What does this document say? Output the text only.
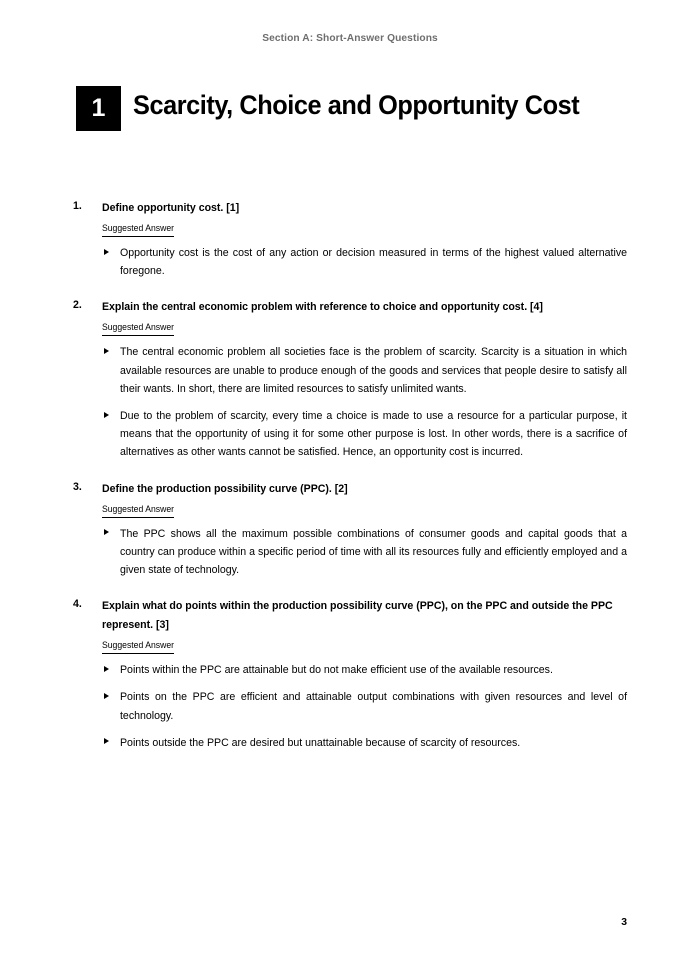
Section A: Short-Answer Questions
1	Scarcity, Choice and Opportunity Cost
1. Define opportunity cost. [1]
Suggested Answer
Opportunity cost is the cost of any action or decision measured in terms of the highest valued alternative foregone.
2. Explain the central economic problem with reference to choice and opportunity cost. [4]
Suggested Answer
The central economic problem all societies face is the problem of scarcity. Scarcity is a situation in which available resources are unable to produce enough of the goods and services that people desire to satisfy all their wants. In short, there are limited resources to satisfy unlimited wants.
Due to the problem of scarcity, every time a choice is made to use a resource for a particular purpose, it means that the opportunity of using it for some other purpose is lost. In other words, there is a sacrifice of alternatives as other wants cannot be satisfied. Hence, an opportunity cost is incurred.
3. Define the production possibility curve (PPC). [2]
Suggested Answer
The PPC shows all the maximum possible combinations of consumer goods and capital goods that a country can produce within a specific period of time with all its resources fully and efficiently employed and a given state of technology.
4. Explain what do points within the production possibility curve (PPC), on the PPC and outside the PPC represent. [3]
Suggested Answer
Points within the PPC are attainable but do not make efficient use of the available resources.
Points on the PPC are efficient and attainable output combinations with given resources and level of technology.
Points outside the PPC are desired but unattainable because of scarcity of resources.
3
